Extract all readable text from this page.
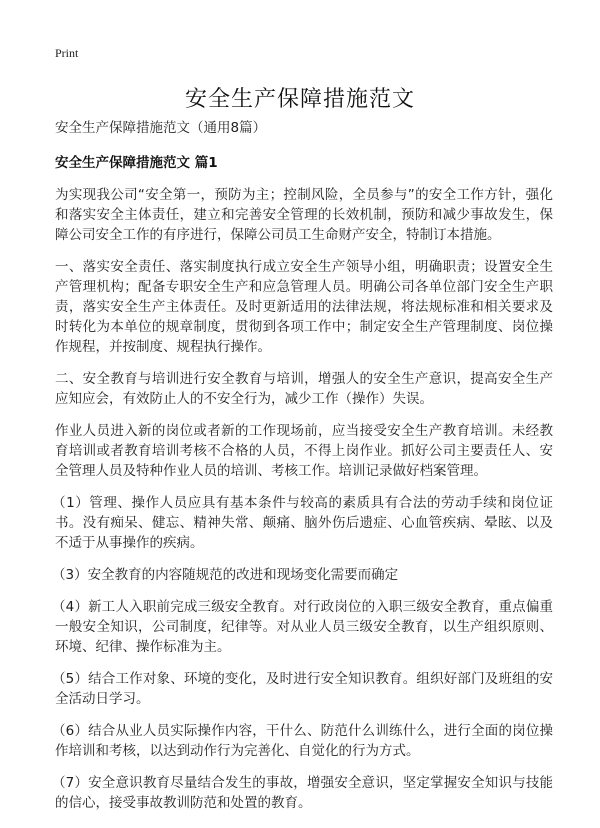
Print
安全生产保障措施范文

安全生产保障措施范文（通用8篇）

安全生产保障措施范文 篇1

为实现我公司“安全第一，预防为主；控制风险，全员参与”的安全工作方针，强化和落实安全主体责任，建立和完善安全管理的长效机制，预防和减少事故发生，保障公司安全工作的有序进行，保障公司员工生命财产安全，特制订本措施。

一、落实安全责任、落实制度执行成立安全生产领导小组，明确职责；设置安全生产管理机构；配备专职安全生产和应急管理人员。明确公司各单位部门安全生产职责，落实安全生产主体责任。及时更新适用的法律法规，将法规标准和相关要求及时转化为本单位的规章制度，贯彻到各项工作中；制定安全生产管理制度、岗位操作规程，并按制度、规程执行操作。

二、安全教育与培训进行安全教育与培训，增强人的安全生产意识，提高安全生产应知应会，有效防止人的不安全行为，减少工作（操作）失误。

作业人员进入新的岗位或者新的工作现场前，应当接受安全生产教育培训。未经教育培训或者教育培训考核不合格的人员，不得上岗作业。抓好公司主要责任人、安全管理人员及特种作业人员的培训、考核工作。培训记录做好档案管理。

（1）管理、操作人员应具有基本条件与较高的素质具有合法的劳动手续和岗位证书。没有痴呆、健忘、精神失常、颠痛、脑外伤后遗症、心血管疾病、晕眩、以及不适于从事操作的疾病。

（3）安全教育的内容随规范的改进和现场变化需要而确定

（4）新工人入职前完成三级安全教育。对行政岗位的入职三级安全教育，重点偏重一般安全知识，公司制度，纪律等。对从业人员三级安全教育，以生产组织原则、环境、纪律、操作标准为主。

（5）结合工作对象、环境的变化，及时进行安全知识教育。组织好部门及班组的安全活动日学习。

（6）结合从业人员实际操作内容，干什么、防范什么训练什么，进行全面的岗位操作培训和考核，以达到动作行为完善化、自觉化的行为方式。

（7）安全意识教育尽量结合发生的事故，增强安全意识，坚定掌握安全知识与技能的信心，接受事故教训防范和处置的教育。
